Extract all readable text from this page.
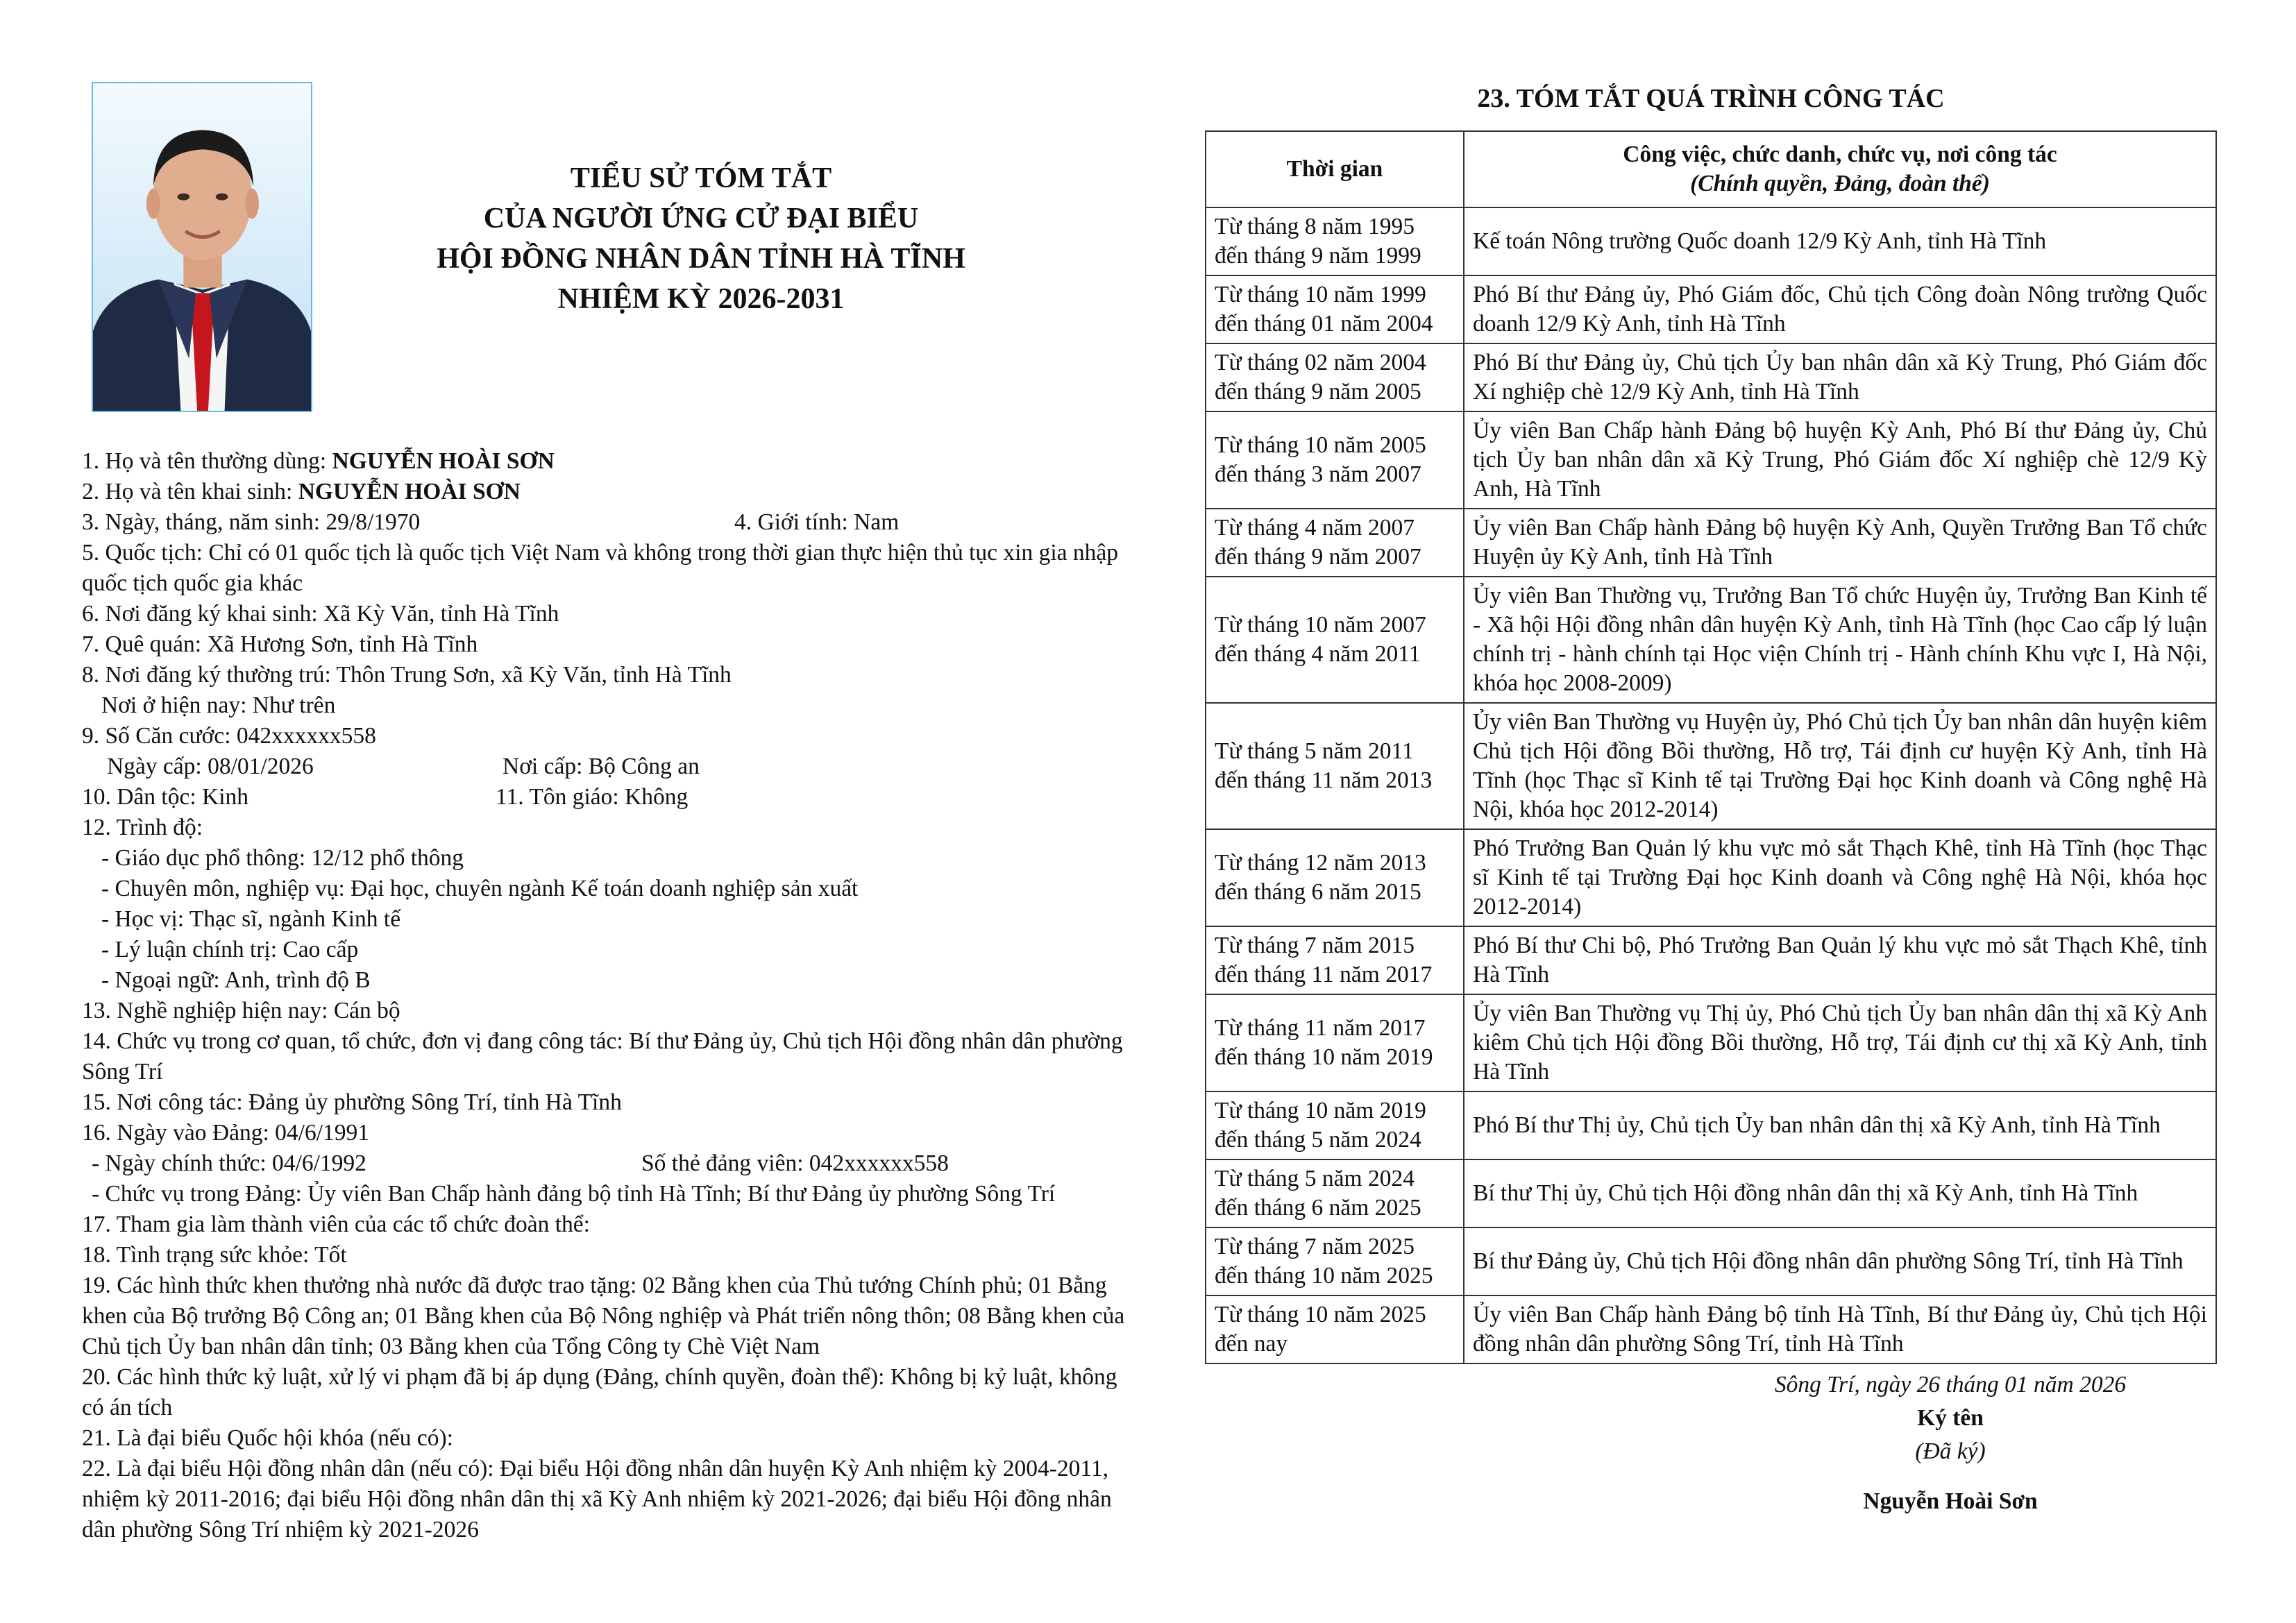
TIỂU SỬ TÓM TẮT
CỦA NGƯỜI ỨNG CỬ ĐẠI BIỂU
HỘI ĐỒNG NHÂN DÂN TỈNH HÀ TĨNH
NHIỆM KỲ 2026-2031
1. Họ và tên thường dùng: NGUYỄN HOÀI SƠN
2. Họ và tên khai sinh: NGUYỄN HOÀI SƠN
3. Ngày, tháng, năm sinh: 29/8/1970	4. Giới tính: Nam
5. Quốc tịch: Chỉ có 01 quốc tịch là quốc tịch Việt Nam và không trong thời gian thực hiện thủ tục xin gia nhập quốc tịch quốc gia khác
6. Nơi đăng ký khai sinh: Xã Kỳ Văn, tỉnh Hà Tĩnh
7. Quê quán: Xã Hương Sơn, tỉnh Hà Tĩnh
8. Nơi đăng ký thường trú: Thôn Trung Sơn, xã Kỳ Văn, tỉnh Hà Tĩnh
Nơi ở hiện nay: Như trên
9. Số Căn cước: 042xxxxxx558
Ngày cấp: 08/01/2026	Nơi cấp: Bộ Công an
10. Dân tộc: Kinh	11. Tôn giáo: Không
12. Trình độ:
- Giáo dục phổ thông: 12/12 phổ thông
- Chuyên môn, nghiệp vụ: Đại học, chuyên ngành Kế toán doanh nghiệp sản xuất
- Học vị: Thạc sĩ, ngành Kinh tế
- Lý luận chính trị: Cao cấp
- Ngoại ngữ: Anh, trình độ B
13. Nghề nghiệp hiện nay: Cán bộ
14. Chức vụ trong cơ quan, tổ chức, đơn vị đang công tác: Bí thư Đảng ủy, Chủ tịch Hội đồng nhân dân phường Sông Trí
15. Nơi công tác: Đảng ủy phường Sông Trí, tỉnh Hà Tĩnh
16. Ngày vào Đảng: 04/6/1991
- Ngày chính thức: 04/6/1992	Số thẻ đảng viên: 042xxxxxx558
- Chức vụ trong Đảng: Ủy viên Ban Chấp hành đảng bộ tỉnh Hà Tĩnh; Bí thư Đảng ủy phường Sông Trí
17. Tham gia làm thành viên của các tổ chức đoàn thể:
18. Tình trạng sức khỏe: Tốt
19. Các hình thức khen thưởng nhà nước đã được trao tặng: 02 Bằng khen của Thủ tướng Chính phủ; 01 Bằng khen của Bộ trưởng Bộ Công an; 01 Bằng khen của Bộ Nông nghiệp và Phát triển nông thôn; 08 Bằng khen của Chủ tịch Ủy ban nhân dân tỉnh; 03 Bằng khen của Tổng Công ty Chè Việt Nam
20. Các hình thức kỷ luật, xử lý vi phạm đã bị áp dụng (Đảng, chính quyền, đoàn thể): Không bị kỷ luật, không có án tích
21. Là đại biểu Quốc hội khóa (nếu có):
22. Là đại biểu Hội đồng nhân dân (nếu có): Đại biểu Hội đồng nhân dân huyện Kỳ Anh nhiệm kỳ 2004-2011, nhiệm kỳ 2011-2016; đại biểu Hội đồng nhân dân thị xã Kỳ Anh nhiệm kỳ 2021-2026; đại biểu Hội đồng nhân dân phường Sông Trí nhiệm kỳ 2021-2026
23. TÓM TẮT QUÁ TRÌNH CÔNG TÁC
Thời gian	Công việc, chức danh, chức vụ, nơi công tác
(Chính quyền, Đảng, đoàn thể)

Từ tháng 8 năm 1995
đến tháng 9 năm 1999	Kế toán Nông trường Quốc doanh 12/9 Kỳ Anh, tỉnh Hà Tĩnh

Từ tháng 10 năm 1999
đến tháng 01 năm 2004	Phó Bí thư Đảng ủy, Phó Giám đốc, Chủ tịch Công đoàn Nông trường Quốc doanh 12/9 Kỳ Anh, tỉnh Hà Tĩnh

Từ tháng 02 năm 2004
đến tháng 9 năm 2005	Phó Bí thư Đảng ủy, Chủ tịch Ủy ban nhân dân xã Kỳ Trung, Phó Giám đốc Xí nghiệp chè 12/9 Kỳ Anh, tỉnh Hà Tĩnh

Từ tháng 10 năm 2005
đến tháng 3 năm 2007	Ủy viên Ban Chấp hành Đảng bộ huyện Kỳ Anh, Phó Bí thư Đảng ủy, Chủ tịch Ủy ban nhân dân xã Kỳ Trung, Phó Giám đốc Xí nghiệp chè 12/9 Kỳ Anh, Hà Tĩnh

Từ tháng 4 năm 2007
đến tháng 9 năm 2007	Ủy viên Ban Chấp hành Đảng bộ huyện Kỳ Anh, Quyền Trưởng Ban Tổ chức Huyện ủy Kỳ Anh, tỉnh Hà Tĩnh

Từ tháng 10 năm 2007
đến tháng 4 năm 2011	Ủy viên Ban Thường vụ, Trưởng Ban Tổ chức Huyện ủy, Trưởng Ban Kinh tế - Xã hội Hội đồng nhân dân huyện Kỳ Anh, tỉnh Hà Tĩnh (học Cao cấp lý luận chính trị - hành chính tại Học viện Chính trị - Hành chính Khu vực I, Hà Nội, khóa học 2008-2009)

Từ tháng 5 năm 2011
đến tháng 11 năm 2013	Ủy viên Ban Thường vụ Huyện ủy, Phó Chủ tịch Ủy ban nhân dân huyện kiêm Chủ tịch Hội đồng Bồi thường, Hỗ trợ, Tái định cư huyện Kỳ Anh, tỉnh Hà Tĩnh (học Thạc sĩ Kinh tế tại Trường Đại học Kinh doanh và Công nghệ Hà Nội, khóa học 2012-2014)

Từ tháng 12 năm 2013
đến tháng 6 năm 2015	Phó Trưởng Ban Quản lý khu vực mỏ sắt Thạch Khê, tỉnh Hà Tĩnh (học Thạc sĩ Kinh tế tại Trường Đại học Kinh doanh và Công nghệ Hà Nội, khóa học 2012-2014)

Từ tháng 7 năm 2015
đến tháng 11 năm 2017	Phó Bí thư Chi bộ, Phó Trưởng Ban Quản lý khu vực mỏ sắt Thạch Khê, tỉnh Hà Tĩnh

Từ tháng 11 năm 2017
đến tháng 10 năm 2019	Ủy viên Ban Thường vụ Thị ủy, Phó Chủ tịch Ủy ban nhân dân thị xã Kỳ Anh kiêm Chủ tịch Hội đồng Bồi thường, Hỗ trợ, Tái định cư thị xã Kỳ Anh, tỉnh Hà Tĩnh

Từ tháng 10 năm 2019
đến tháng 5 năm 2024	Phó Bí thư Thị ủy, Chủ tịch Ủy ban nhân dân thị xã Kỳ Anh, tỉnh Hà Tĩnh

Từ tháng 5 năm 2024
đến tháng 6 năm 2025	Bí thư Thị ủy, Chủ tịch Hội đồng nhân dân thị xã Kỳ Anh, tỉnh Hà Tĩnh

Từ tháng 7 năm 2025
đến tháng 10 năm 2025	Bí thư Đảng ủy, Chủ tịch Hội đồng nhân dân phường Sông Trí, tỉnh Hà Tĩnh

Từ tháng 10 năm 2025
đến nay	Ủy viên Ban Chấp hành Đảng bộ tỉnh Hà Tĩnh, Bí thư Đảng ủy, Chủ tịch Hội đồng nhân dân phường Sông Trí, tỉnh Hà Tĩnh
Sông Trí, ngày 26 tháng 01 năm 2026
Ký tên
(Đã ký)
Nguyễn Hoài Sơn
